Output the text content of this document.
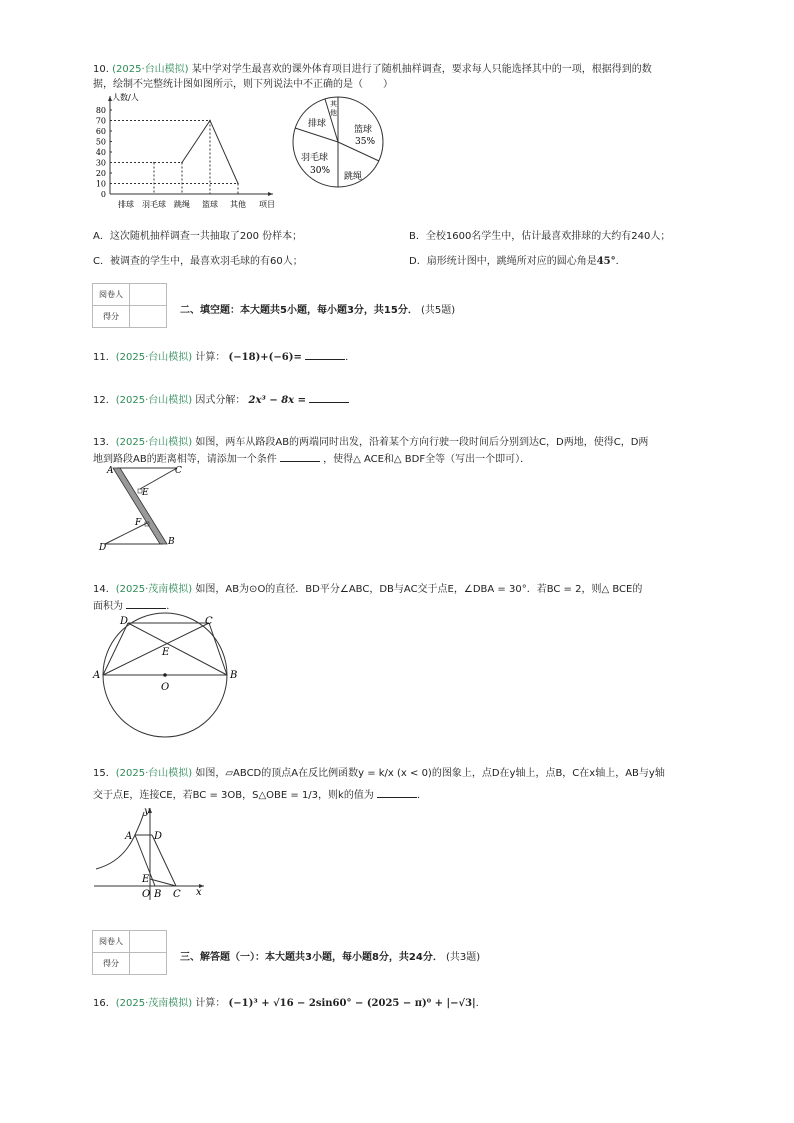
10. (2025·台山模拟) 某中学对学生最喜欢的课外体育项目进行了随机抽样调查，要求每人只能选择其中的一项，根据得到的数
据，绘制不完整统计图如图所示，则下列说法中不正确的是（　　）
0
10
20
30
40
50
60
70
80
人数/人
排球 羽毛球 跳绳 篮球 其他 项目
其
他
篮球
35%
跳绳
羽毛球
30%
排球
A．这次随机抽样调查一共抽取了200 份样本；	B．全校1600名学生中，估计最喜欢排球的大约有240人；
C．被调查的学生中，最喜欢羽毛球的有60人；	D．扇形统计图中，跳绳所对应的圆心角是45°．
阅卷人	
得分	
二、填空题：本大题共5小题，每小题3分，共15分． (共5题)
11．(2025·台山模拟) 计算： (−18)+(−6)=	．
12．(2025·台山模拟) 因式分解： 2x³ − 8x =
13．(2025·台山模拟) 如图，两车从路段AB的两端同时出发，沿着某个方向行驶一段时间后分别到达C，D两地，使得C，D两
地到路段AB的距离相等，请添加一个条件	，使得△ ACE和△ BDF全等（写出一个即可）．
A	C
E
F
D
B
14．(2025·茂南模拟) 如图，AB为⊙O的直径．BD平分∠ABC，DB与AC交于点E，∠DBA = 30°．若BC = 2，则△ BCE的
面积为	．
A	B
D	C
E
O
15．(2025·台山模拟) 如图，▱ABCD的顶点A在反比例函数y = k/x (x < 0)的图象上，点D在y轴上，点B，C在x轴上，AB与y轴
交于点E，连接CE，若BC = 3OB，S△OBE = 1/3，则k的值为	．
A D
E
O B C x
y
阅卷人	
得分	
三、解答题（一）：本大题共3小题，每小题8分，共24分． (共3题)
16．(2025·茂南模拟) 计算： (−1)³ + √16 − 2sin60° − (2025 − π)⁰ + |−√3|．
